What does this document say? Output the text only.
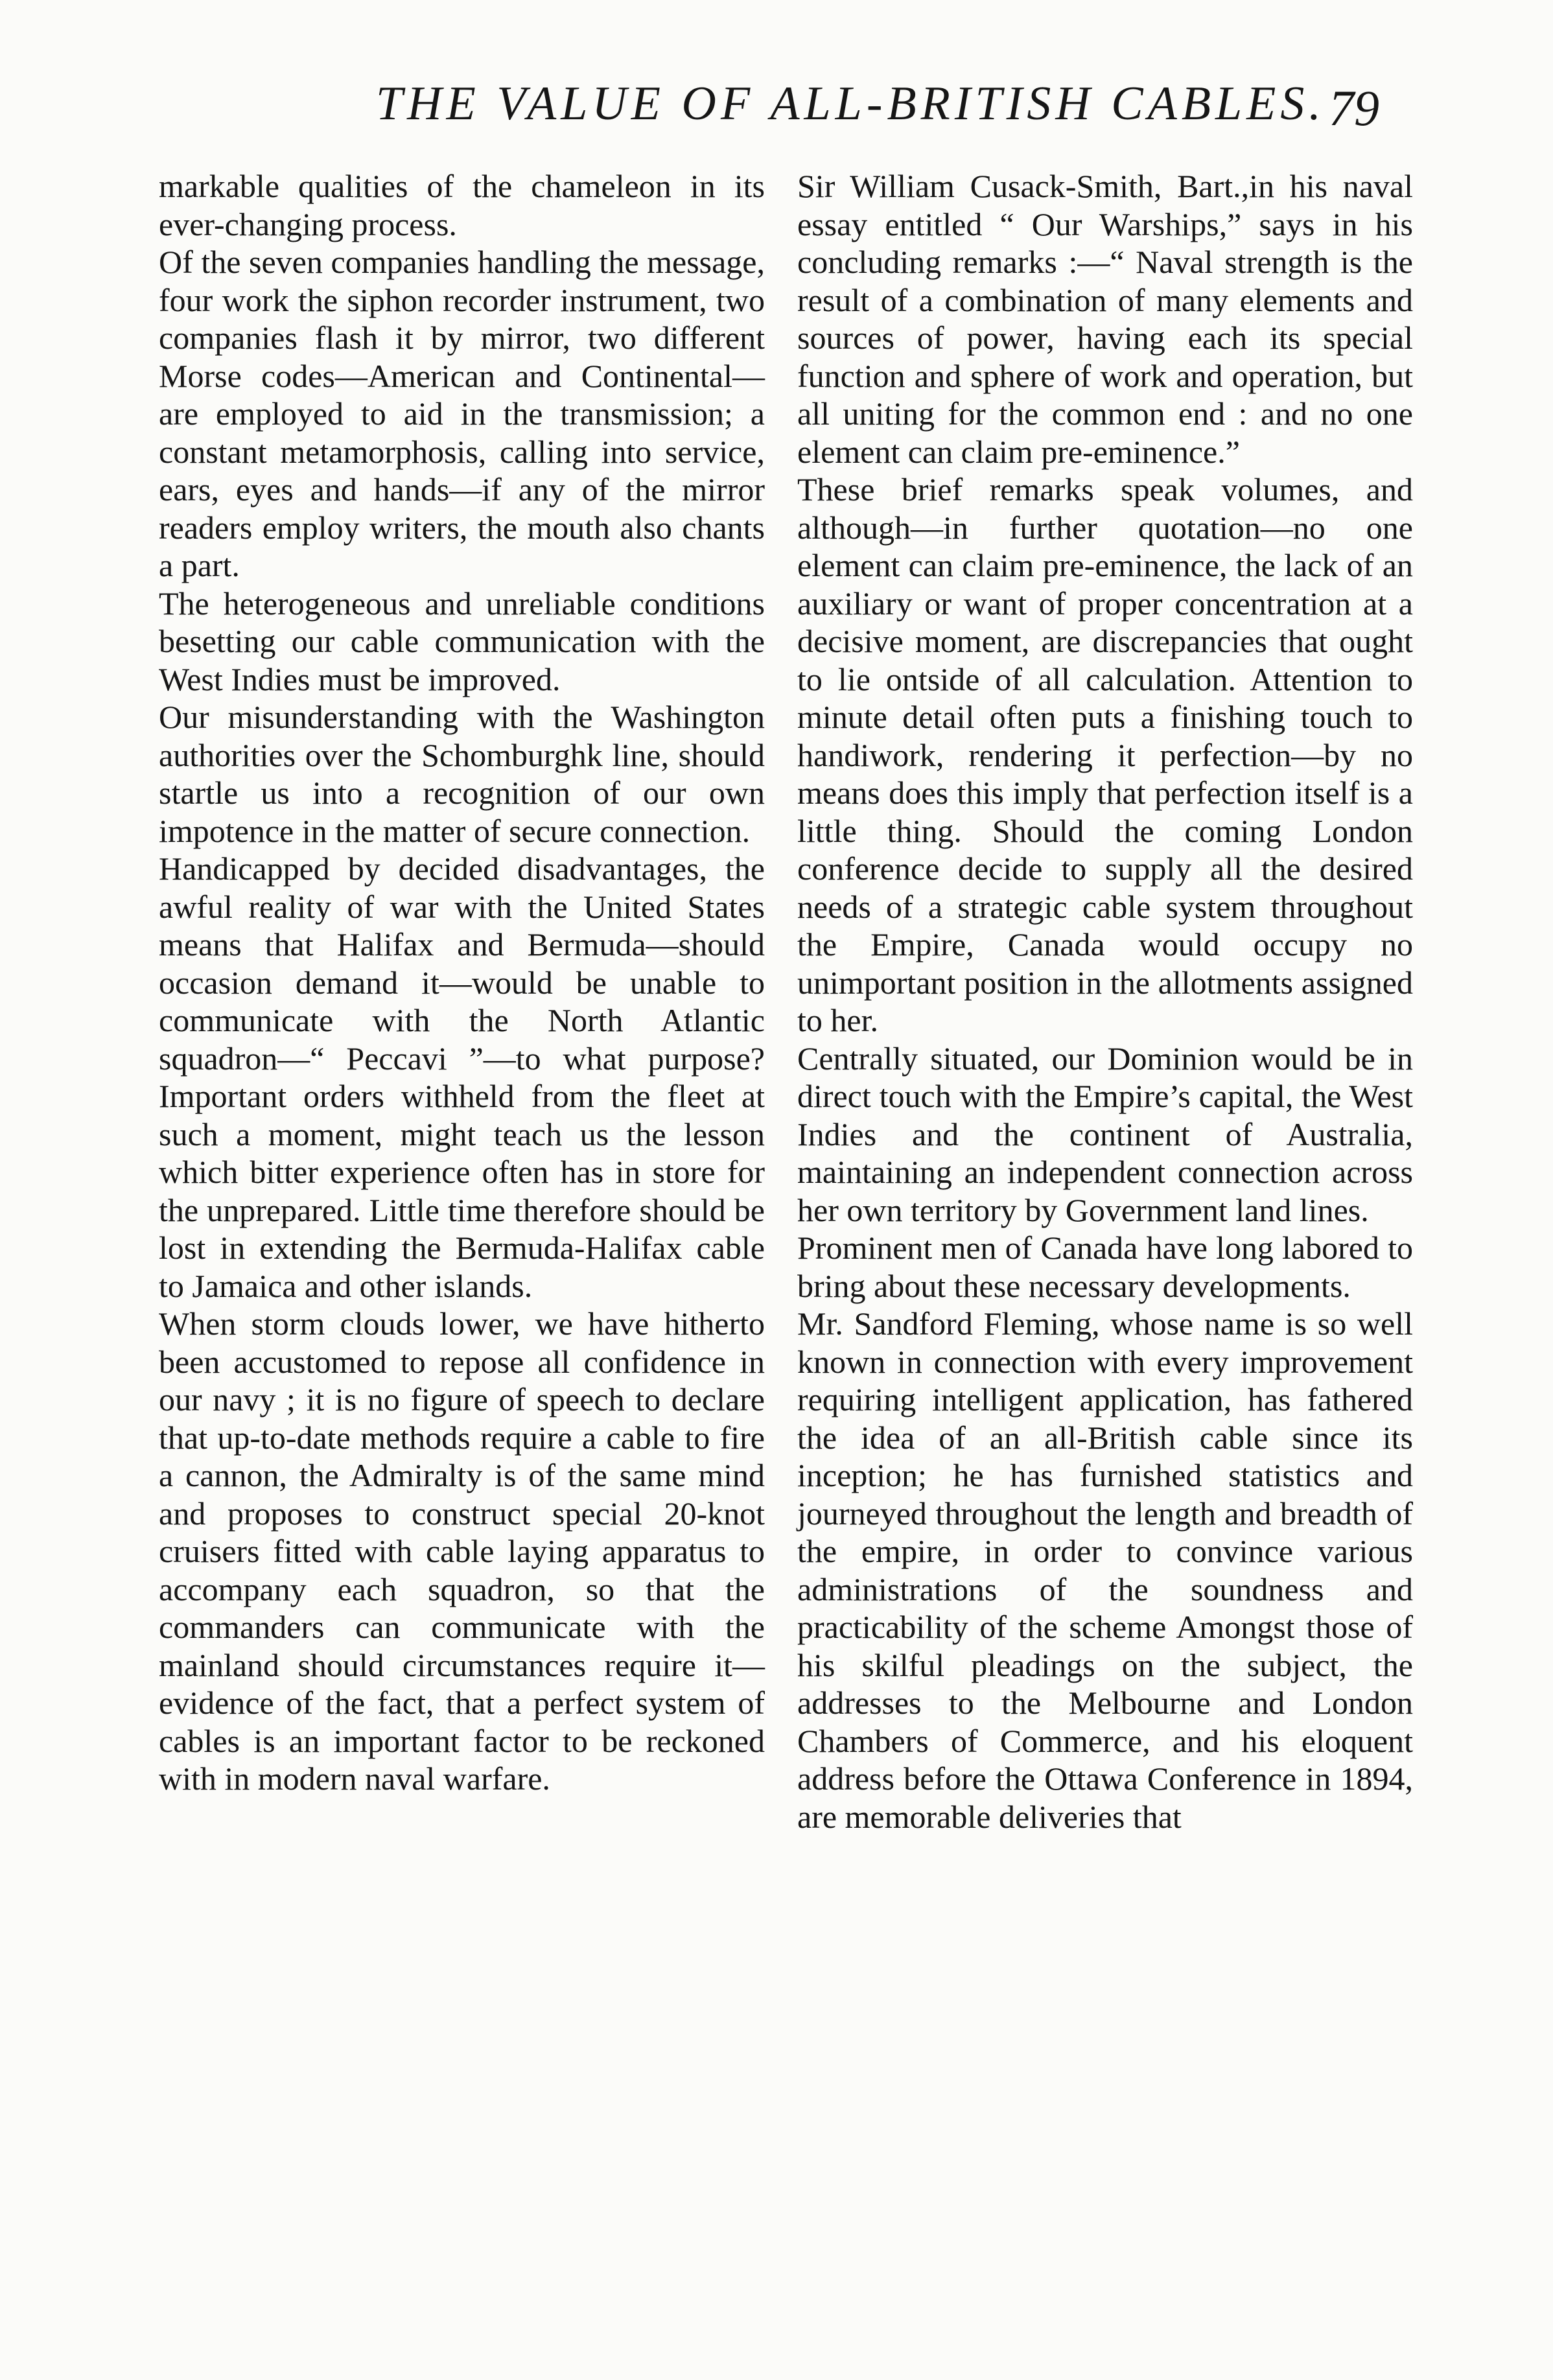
THE VALUE OF ALL-BRITISH CABLES. 79

markable qualities of the chameleon in its ever-changing process.

Of the seven companies handling the message, four work the siphon recorder instrument, two companies flash it by mirror, two different Morse codes—American and Continental—are employed to aid in the transmission; a constant metamorphosis, calling into service, ears, eyes and hands—if any of the mirror readers employ writers, the mouth also chants a part.

The heterogeneous and unreliable conditions besetting our cable communication with the West Indies must be improved.

Our misunderstanding with the Washington authorities over the Schomburghk line, should startle us into a recognition of our own impotence in the matter of secure connection.

Handicapped by decided disadvantages, the awful reality of war with the United States means that Halifax and Bermuda—should occasion demand it—would be unable to communicate with the North Atlantic squadron—“ Peccavi ”—to what purpose? Important orders withheld from the fleet at such a moment, might teach us the lesson which bitter experience often has in store for the unprepared. Little time therefore should be lost in extending the Bermuda-Halifax cable to Jamaica and other islands.

When storm clouds lower, we have hitherto been accustomed to repose all confidence in our navy ; it is no figure of speech to declare that up-to-date methods require a cable to fire a cannon, the Admiralty is of the same mind and proposes to construct special 20-knot cruisers fitted with cable laying apparatus to accompany each squadron, so that the commanders can communicate with the mainland should circumstances require it—evidence of the fact, that a perfect system of cables is an important factor to be reckoned with in modern naval warfare.

Sir William Cusack-Smith, Bart.,in his naval essay entitled “ Our Warships,” says in his concluding remarks :—“ Naval strength is the result of a combination of many elements and sources of power, having each its special function and sphere of work and operation, but all uniting for the common end : and no one element can claim pre-eminence.”

These brief remarks speak volumes, and although—in further quotation—no one element can claim pre-eminence, the lack of an auxiliary or want of proper concentration at a decisive moment, are discrepancies that ought to lie ontside of all calculation. Attention to minute detail often puts a finishing touch to handiwork, rendering it perfection—by no means does this imply that perfection itself is a little thing. Should the coming London conference decide to supply all the desired needs of a strategic cable system throughout the Empire, Canada would occupy no unimportant position in the allotments assigned to her.

Centrally situated, our Dominion would be in direct touch with the Empire’s capital, the West Indies and the continent of Australia, maintaining an independent connection across her own territory by Government land lines.

Prominent men of Canada have long labored to bring about these necessary developments.

Mr. Sandford Fleming, whose name is so well known in connection with every improvement requiring intelligent application, has fathered the idea of an all-British cable since its inception; he has furnished statistics and journeyed throughout the length and breadth of the empire, in order to convince various administrations of the soundness and practicability of the scheme Amongst those of his skilful pleadings on the subject, the addresses to the Melbourne and London Chambers of Commerce, and his eloquent address before the Ottawa Conference in 1894, are memorable deliveries that
